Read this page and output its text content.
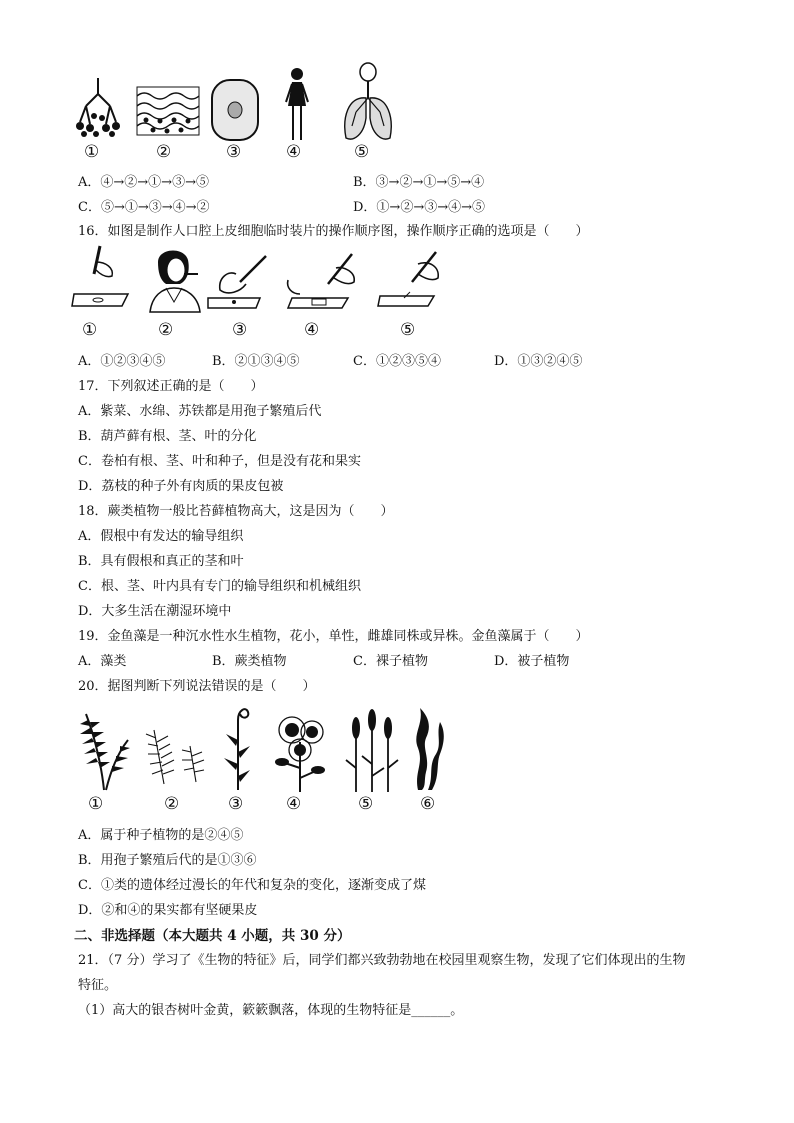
①	②	③	④	⑤
A．④→②→①→③→⑤	B．③→②→①→⑤→④
C．⑤→①→③→④→②	D．①→②→③→④→⑤
16．如图是制作人口腔上皮细胞临时装片的操作顺序图，操作顺序正确的选项是（　　）
①	②	③	④	⑤
A．①②③④⑤	B．②①③④⑤	C．①②③⑤④	D．①③②④⑤
17．下列叙述正确的是（　　）
A．紫菜、水绵、苏铁都是用孢子繁殖后代
B．葫芦藓有根、茎、叶的分化
C．卷柏有根、茎、叶和种子，但是没有花和果实
D．荔枝的种子外有肉质的果皮包被
18．蕨类植物一般比苔藓植物高大，这是因为（　　）
A．假根中有发达的输导组织
B．具有假根和真正的茎和叶
C．根、茎、叶内具有专门的输导组织和机械组织
D．大多生活在潮湿环境中
19．金鱼藻是一种沉水性水生植物，花小，单性，雌雄同株或异株。金鱼藻属于（　　）
A．藻类	B．蕨类植物	C．裸子植物	D．被子植物
20．据图判断下列说法错误的是（　　）
①	②	③	④	⑤	⑥
A．属于种子植物的是②④⑤
B．用孢子繁殖后代的是①③⑥
C．①类的遗体经过漫长的年代和复杂的变化，逐渐变成了煤
D．②和④的果实都有坚硬果皮
二、非选择题（本大题共 4 小题，共 30 分）
21．（7 分）学习了《生物的特征》后，同学们都兴致勃勃地在校园里观察生物，发现了它们体现出的生物
特征。
（1）高大的银杏树叶金黄，簌簌飘落，体现的生物特征是______。
